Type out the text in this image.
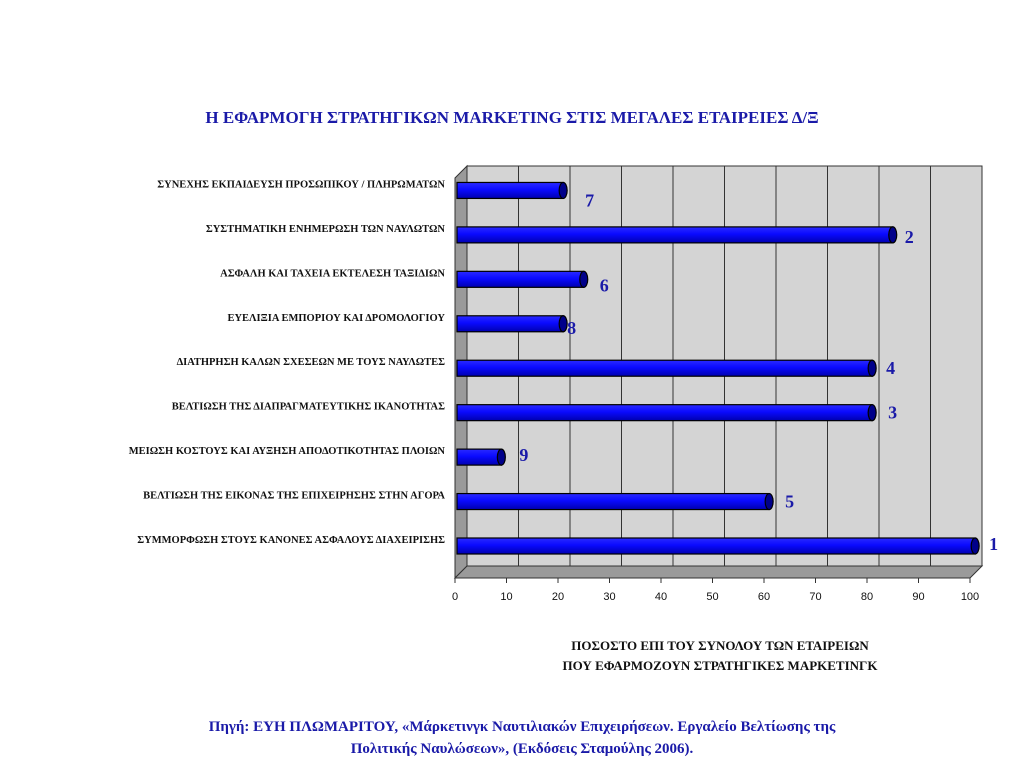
Η ΕΦΑΡΜΟΓΗ ΣΤΡΑΤΗΓΙΚΩΝ MARKETING ΣΤΙΣ ΜΕΓΑΛΕΣ ΕΤΑΙΡΕΙΕΣ Δ/Ξ
0	10	20	30	40	50	60	70	80	90	100
ΣΥΝΕΧΗΣ ΕΚΠΑΙΔΕΥΣΗ ΠΡΟΣΩΠΙΚΟΥ / ΠΛΗΡΩΜΑΤΩΝ
7
ΣΥΣΤΗΜΑΤΙΚΗ ΕΝΗΜΕΡΩΣΗ ΤΩΝ ΝΑΥΛΩΤΩΝ	2
ΑΣΦΑΛΗ ΚΑΙ ΤΑΧΕΙΑ ΕΚΤΕΛΕΣΗ ΤΑΞΙΔΙΩΝ
6
ΕΥΕΛΙΞΙΑ ΕΜΠΟΡΙΟΥ ΚΑΙ ΔΡΟΜΟΛΟΓΙΟΥ	8
ΔΙΑΤΗΡΗΣΗ ΚΑΛΩΝ ΣΧΕΣΕΩΝ ΜΕ ΤΟΥΣ ΝΑΥΛΩΤΕΣ	4
ΒΕΛΤΙΩΣΗ ΤΗΣ ΔΙΑΠΡΑΓΜΑΤΕΥΤΙΚΗΣ ΙΚΑΝΟΤΗΤΑΣ	3
ΜΕΙΩΣΗ ΚΟΣΤΟΥΣ ΚΑΙ ΑΥΞΗΣΗ ΑΠΟΔΟΤΙΚΟΤΗΤΑΣ ΠΛΟΙΩΝ	9
ΒΕΛΤΙΩΣΗ ΤΗΣ ΕΙΚΟΝΑΣ ΤΗΣ ΕΠΙΧΕΙΡΗΣΗΣ ΣΤΗΝ ΑΓΟΡΑ	5
ΣΥΜΜΟΡΦΩΣΗ ΣΤΟΥΣ ΚΑΝΟΝΕΣ ΑΣΦΑΛΟΥΣ ΔΙΑΧΕΙΡΙΣΗΣ	1
ΠΟΣΟΣΤΟ ΕΠΙ ΤΟΥ ΣΥΝΟΛΟΥ ΤΩΝ ΕΤΑΙΡΕΙΩΝ
ΠΟΥ ΕΦΑΡΜΟΖΟΥΝ ΣΤΡΑΤΗΓΙΚΕΣ ΜΑΡΚΕΤΙΝΓΚ
Πηγή: ΕΥΗ ΠΛΩΜΑΡΙΤΟΥ, «Μάρκετινγκ Ναυτιλιακών Επιχειρήσεων. Εργαλείο Βελτίωσης της
Πολιτικής Ναυλώσεων», (Εκδόσεις Σταμούλης 2006).
